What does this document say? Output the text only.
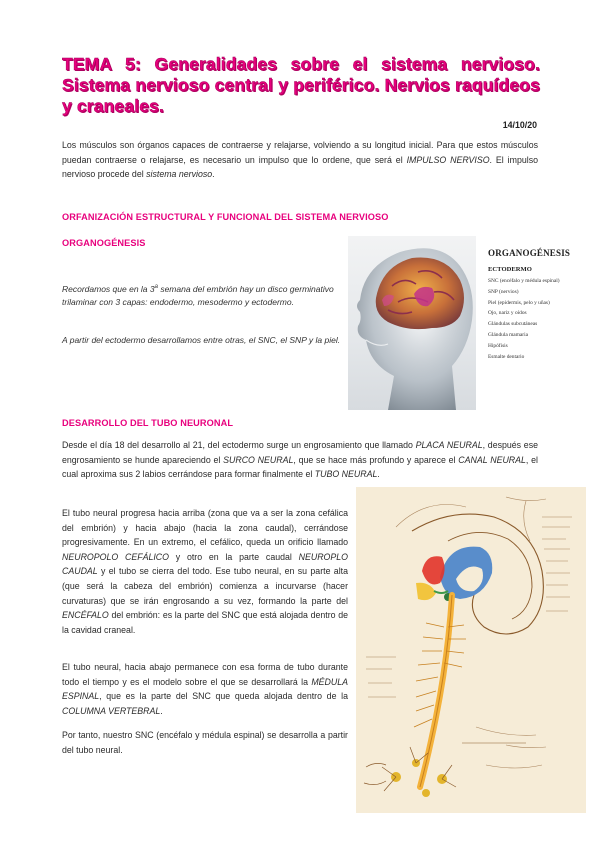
TEMA 5: Generalidades sobre el sistema nervioso. Sistema nervioso central y periférico. Nervios raquídeos y craneales.
14/10/20
Los músculos son órganos capaces de contraerse y relajarse, volviendo a su longitud inicial. Para que estos músculos puedan contraerse o relajarse, es necesario un impulso que lo ordene, que será el IMPULSO NERVISO. El impulso nervioso procede del sistema nervioso.
ORFANIZACIÓN ESTRUCTURAL Y FUNCIONAL DEL SISTEMA NERVIOSO
ORGANOGÉNESIS
Recordamos que en la 3$^a$ semana del embrión hay un disco germinativo trilaminar con 3 capas: endodermo, mesodermo y ectodermo.
A partir del ectodermo desarrollamos entre otras, el SNC, el SNP y la piel.
ORGANOGÉNESIS
ECTODERMO
SNC (encéfalo y médula espinal)
SNP (nervios)
Piel (epidermis, pelo y uñas)
Ojo, nariz y oídos
Glándulas subcutáneas
Glándula mamaria
Hipófisis
Esmalte dentario
DESARROLLO DEL TUBO NEURONAL
Desde el día 18 del desarrollo al 21, del ectodermo surge un engrosamiento que llamado PLACA NEURAL, después ese engrosamiento se hunde apareciendo el SURCO NEURAL, que se hace más profundo y aparece el CANAL NEURAL, el cual aproxima sus 2 labios cerrándose para formar finalmente el TUBO NEURAL.
El tubo neural progresa hacia arriba (zona que va a ser la zona cefálica del embrión) y hacia abajo (hacia la zona caudal), cerrándose progresivamente. En un extremo, el cefálico, queda un orificio llamado NEUROPOLO CEFÁLICO y otro en la parte caudal NEUROPLO CAUDAL y el tubo se cierra del todo. Ese tubo neural, en su parte alta (que será la cabeza del embrión) comienza a incurvarse (hacer curvaturas) que se irán engrosando a su vez, formando la parte del ENCÉFALO del embrión: es la parte del SNC que está alojada dentro de la cavidad craneal.
El tubo neural, hacia abajo permanece con esa forma de tubo durante todo el tiempo y es el modelo sobre el que se desarrollará la MÉDULA ESPINAL, que es la parte del SNC que queda alojada dentro de la COLUMNA VERTEBRAL.
Por tanto, nuestro SNC (encéfalo y médula espinal) se desarrolla a partir del tubo neural.
